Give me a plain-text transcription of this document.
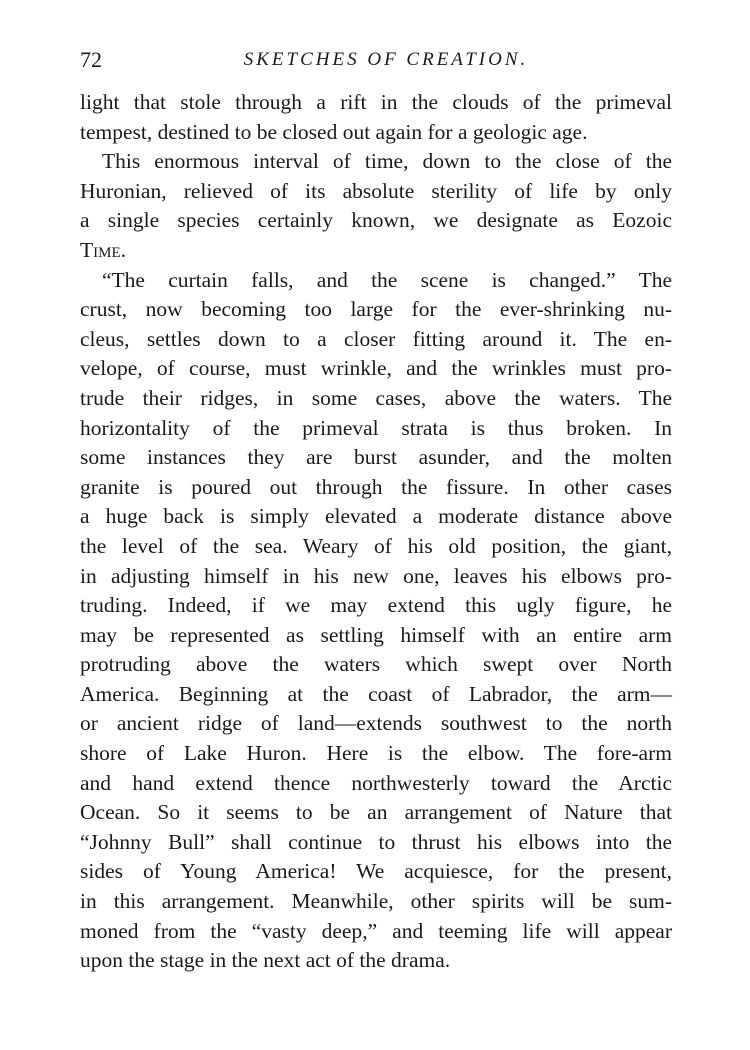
72	SKETCHES OF CREATION.
light that stole through a rift in the clouds of the primeval
tempest, destined to be closed out again for a geologic age.
This enormous interval of time, down to the close of the
Huronian, relieved of its absolute sterility of life by only
a single species certainly known, we designate as Eozoic
Time.
“The curtain falls, and the scene is changed.” The
crust, now becoming too large for the ever-shrinking nu-
cleus, settles down to a closer fitting around it. The en-
velope, of course, must wrinkle, and the wrinkles must pro-
trude their ridges, in some cases, above the waters. The
horizontality of the primeval strata is thus broken. In
some instances they are burst asunder, and the molten
granite is poured out through the fissure. In other cases
a huge back is simply elevated a moderate distance above
the level of the sea. Weary of his old position, the giant,
in adjusting himself in his new one, leaves his elbows pro-
truding. Indeed, if we may extend this ugly figure, he
may be represented as settling himself with an entire arm
protruding above the waters which swept over North
America. Beginning at the coast of Labrador, the arm—
or ancient ridge of land—extends southwest to the north
shore of Lake Huron. Here is the elbow. The fore-arm
and hand extend thence northwesterly toward the Arctic
Ocean. So it seems to be an arrangement of Nature that
“Johnny Bull” shall continue to thrust his elbows into the
sides of Young America! We acquiesce, for the present,
in this arrangement. Meanwhile, other spirits will be sum-
moned from the “vasty deep,” and teeming life will appear
upon the stage in the next act of the drama.
